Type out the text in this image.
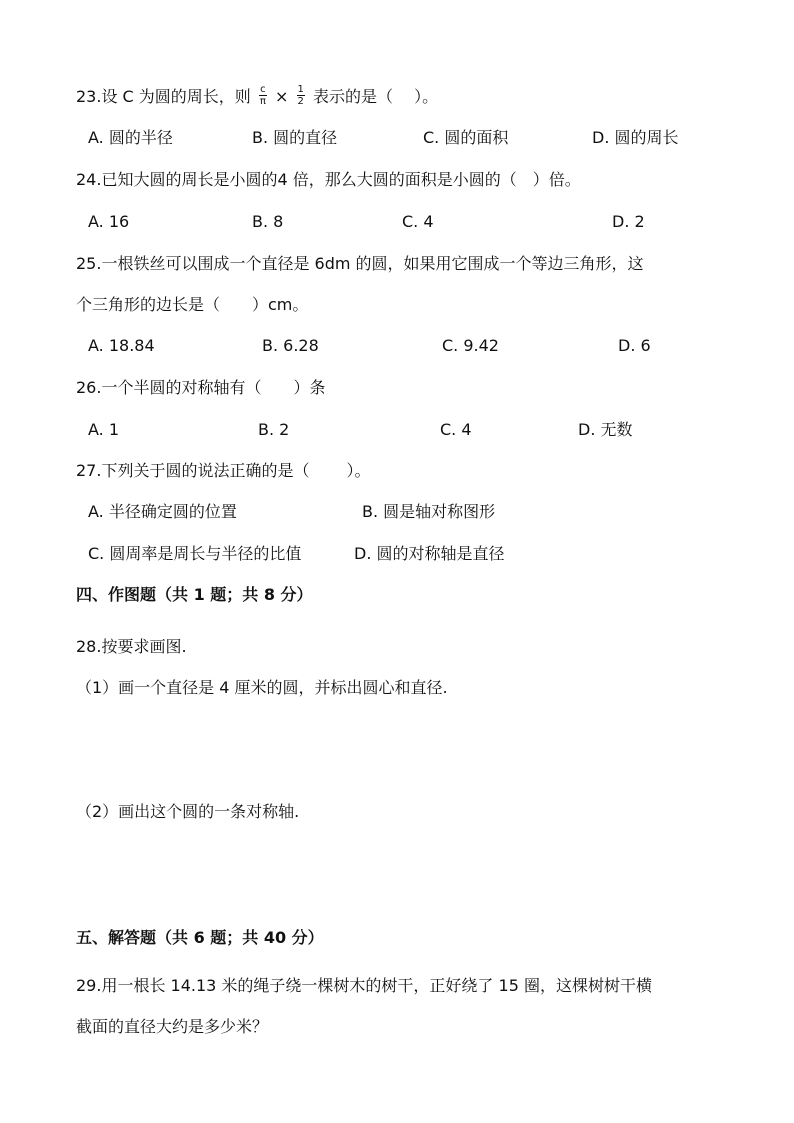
23.设 C 为圆的周长，则 $\frac{c}{\pi} \times \frac{1}{2}$ 表示的是（　 ）。
A. 圆的半径	B. 圆的直径	C. 圆的面积	D. 圆的周长
24.已知大圆的周长是小圆的4 倍，那么大圆的面积是小圆的（　）倍。
A. 16	B. 8	C. 4	D. 2
25.一根铁丝可以围成一个直径是 6dm 的圆，如果用它围成一个等边三角形，这
个三角形的边长是（　　）cm。
A. 18.84	B. 6.28	C. 9.42	D. 6
26.一个半圆的对称轴有（　　）条
A. 1	B. 2	C. 4	D. 无数
27.下列关于圆的说法正确的是（　　 ）。
A. 半径确定圆的位置	B. 圆是轴对称图形
C. 圆周率是周长与半径的比值	D. 圆的对称轴是直径
四、作图题（共 1 题；共 8 分）
28.按要求画图.
（1）画一个直径是 4 厘米的圆，并标出圆心和直径.
（2）画出这个圆的一条对称轴.
五、解答题（共 6 题；共 40 分）
29.用一根长 14.13 米的绳子绕一棵树木的树干，正好绕了 15 圈，这棵树树干横
截面的直径大约是多少米？
